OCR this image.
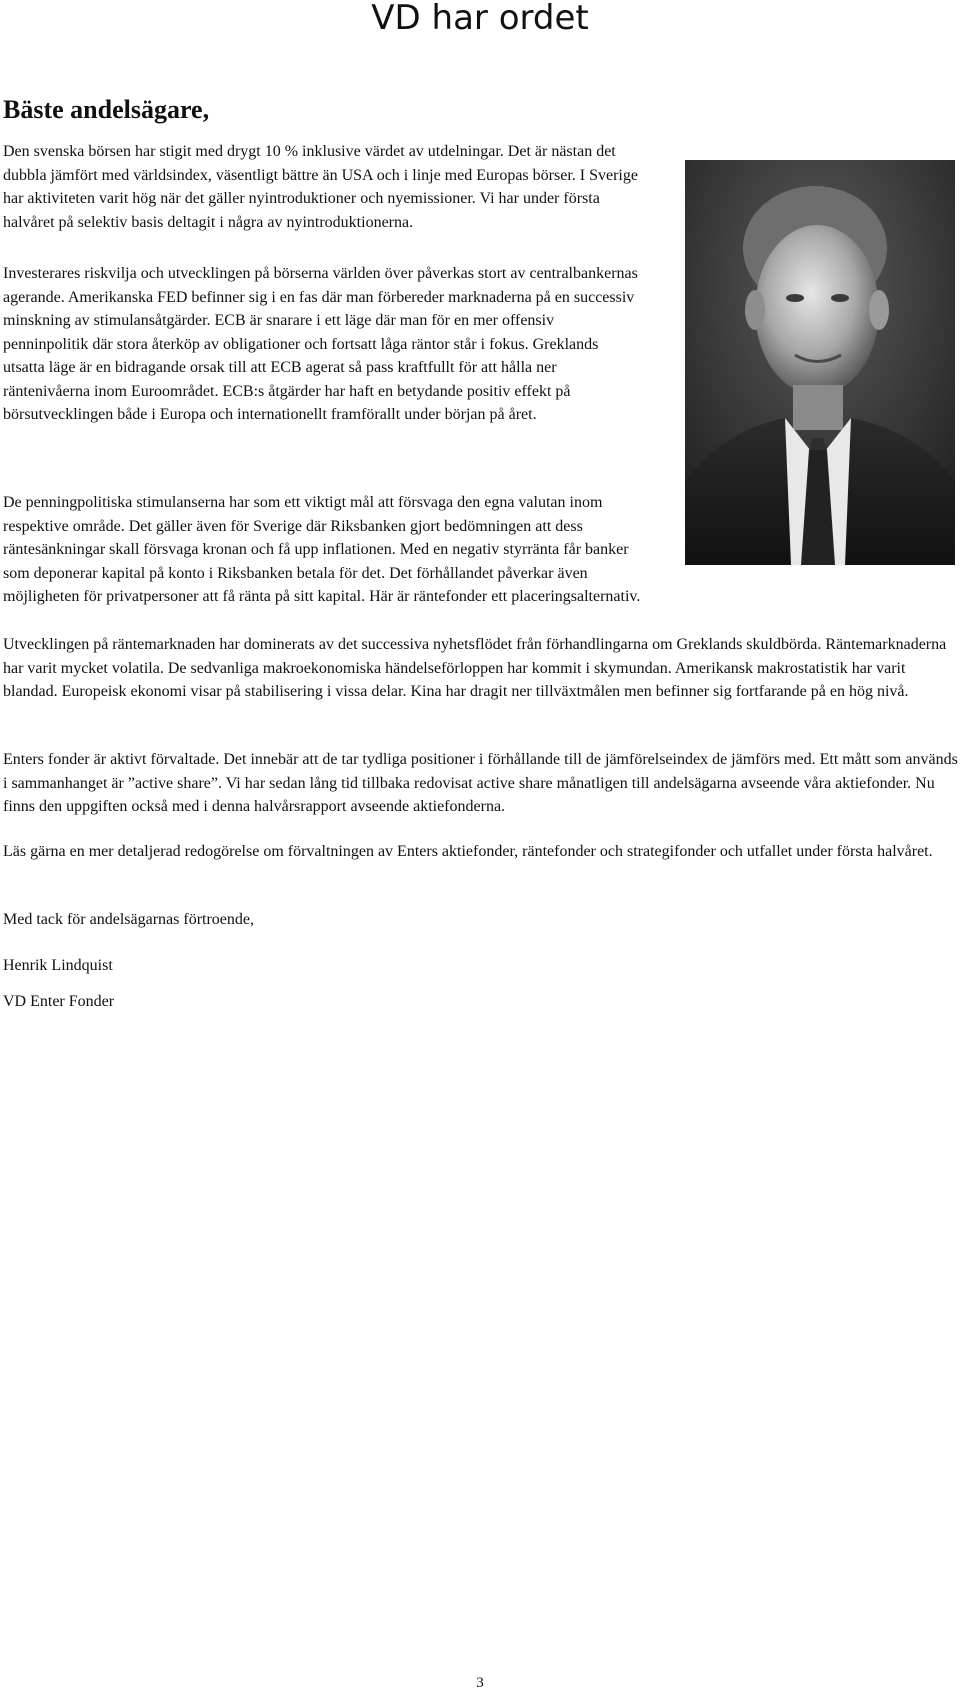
VD har ordet
Bäste andelsägare,

Den svenska börsen har stigit med drygt 10 % inklusive värdet av utdelningar. Det är nästan det dubbla jämfört med världsindex, väsentligt bättre än USA och i linje med Europas börser. I Sverige har aktiviteten varit hög när det gäller nyintroduktioner och nyemissioner. Vi har under första halvåret på selektiv basis deltagit i några av nyintroduktionerna.

Investerares riskvilja och utvecklingen på börserna världen över påverkas stort av centralbankernas agerande. Amerikanska FED befinner sig i en fas där man förbereder marknaderna på en successiv minskning av stimulansåtgärder. ECB är snarare i ett läge där man för en mer offensiv penninpolitik där stora återköp av obligationer och fortsatt låga räntor står i fokus. Greklands utsatta läge är en bidragande orsak till att ECB agerat så pass kraftfullt för att hålla ner räntenivåerna inom Euroområdet. ECB:s åtgärder har haft en betydande positiv effekt på börsutvecklingen både i Europa och internationellt framförallt under början på året.

De penningpolitiska stimulanserna har som ett viktigt mål att försvaga den egna valutan inom respektive område. Det gäller även för Sverige där Riksbanken gjort bedömningen att dess räntesänkningar skall försvaga kronan och få upp inflationen. Med en negativ styrränta får banker som deponerar kapital på konto i Riksbanken betala för det. Det förhållandet påverkar även möjligheten för privatpersoner att få ränta på sitt kapital. Här är räntefonder ett placeringsalternativ.

Utvecklingen på räntemarknaden har dominerats av det successiva nyhetsflödet från förhandlingarna om Greklands skuldbörda. Räntemarknaderna har varit mycket volatila. De sedvanliga makroekonomiska händelseförloppen har kommit i skymundan. Amerikansk makrostatistik har varit blandad. Europeisk ekonomi visar på stabilisering i vissa delar. Kina har dragit ner tillväxtmålen men befinner sig fortfarande på en hög nivå.

Enters fonder är aktivt förvaltade. Det innebär att de tar tydliga positioner i förhållande till de jämförelseindex de jämförs med. Ett mått som används i sammanhanget är ”active share”. Vi har sedan lång tid tillbaka redovisat active share månatligen till andelsägarna avseende våra aktiefonder. Nu finns den uppgiften också med i denna halvårsrapport avseende aktiefonderna.

Läs gärna en mer detaljerad redogörelse om förvaltningen av Enters aktiefonder, räntefonder och strategifonder och utfallet under första halvåret.

Med tack för andelsägarnas förtroende,

Henrik Lindquist

VD Enter Fonder

3
